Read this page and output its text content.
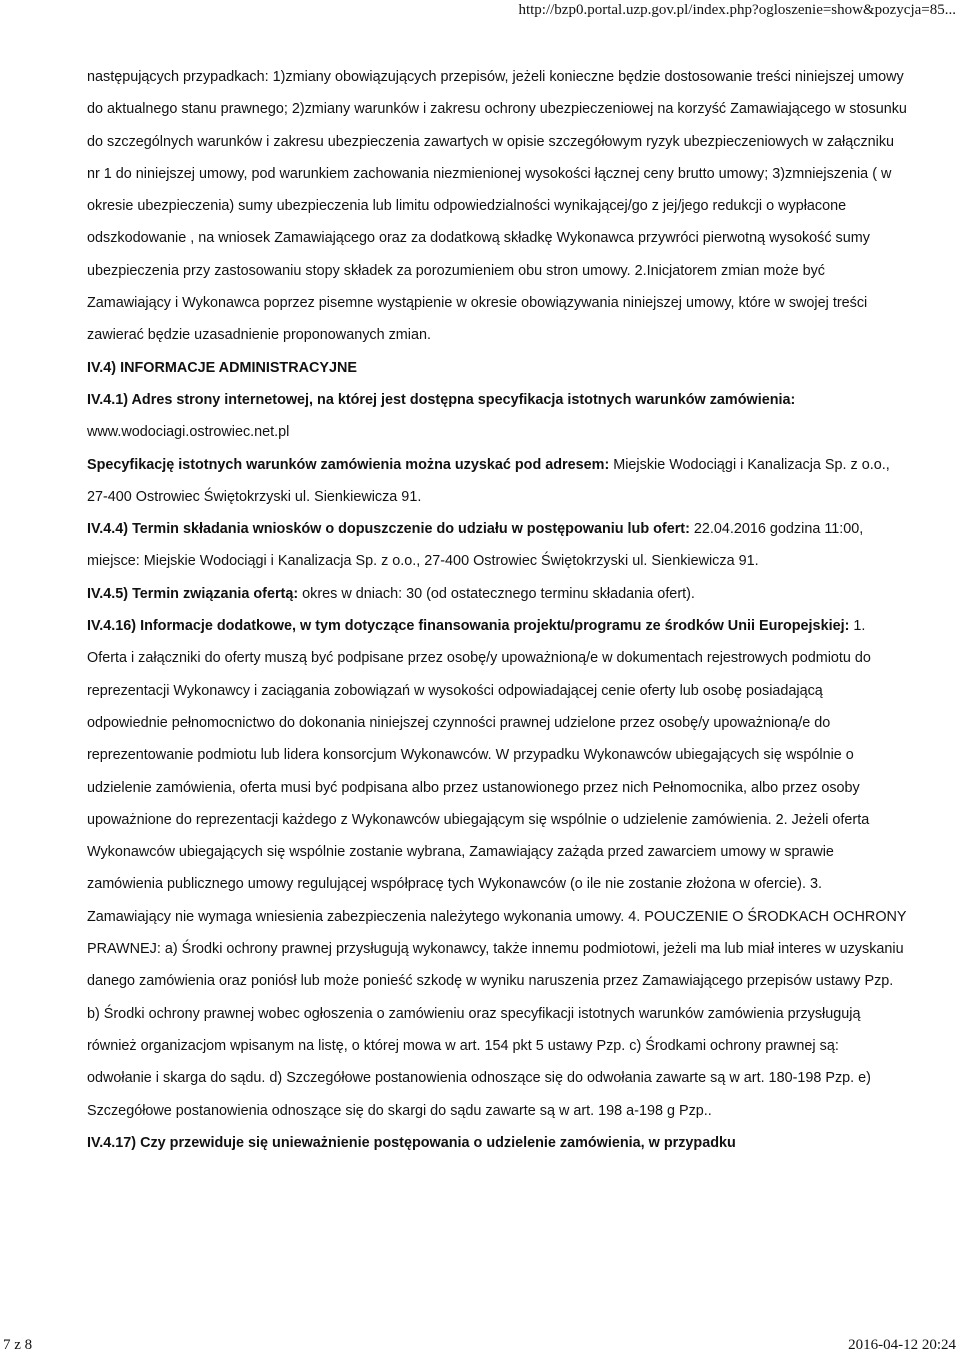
http://bzp0.portal.uzp.gov.pl/index.php?ogloszenie=show&pozycja=85...

następujących przypadkach: 1)zmiany obowiązujących przepisów, jeżeli konieczne będzie dostosowanie treści niniejszej umowy do aktualnego stanu prawnego; 2)zmiany warunków i zakresu ochrony ubezpieczeniowej na korzyść Zamawiającego w stosunku do szczególnych warunków i zakresu ubezpieczenia zawartych w opisie szczegółowym ryzyk ubezpieczeniowych w załączniku nr 1 do niniejszej umowy, pod warunkiem zachowania niezmienionej wysokości łącznej ceny brutto umowy; 3)zmniejszenia ( w okresie ubezpieczenia) sumy ubezpieczenia lub limitu odpowiedzialności wynikającej/go z jej/jego redukcji o wypłacone odszkodowanie , na wniosek Zamawiającego oraz za dodatkową składkę Wykonawca przywróci pierwotną wysokość sumy ubezpieczenia przy zastosowaniu stopy składek za porozumieniem obu stron umowy. 2.Inicjatorem zmian może być Zamawiający i Wykonawca poprzez pisemne wystąpienie w okresie obowiązywania niniejszej umowy, które w swojej treści zawierać będzie uzasadnienie proponowanych zmian.

IV.4) INFORMACJE ADMINISTRACYJNE

IV.4.1) Adres strony internetowej, na której jest dostępna specyfikacja istotnych warunków zamówienia:
www.wodociagi.ostrowiec.net.pl

Specyfikację istotnych warunków zamówienia można uzyskać pod adresem: Miejskie Wodociągi i Kanalizacja Sp. z o.o., 27-400 Ostrowiec Świętokrzyski ul. Sienkiewicza 91.

IV.4.4) Termin składania wniosków o dopuszczenie do udziału w postępowaniu lub ofert: 22.04.2016 godzina 11:00, miejsce: Miejskie Wodociągi i Kanalizacja Sp. z o.o., 27-400 Ostrowiec Świętokrzyski ul. Sienkiewicza 91.

IV.4.5) Termin związania ofertą: okres w dniach: 30 (od ostatecznego terminu składania ofert).

IV.4.16) Informacje dodatkowe, w tym dotyczące finansowania projektu/programu ze środków Unii Europejskiej: 1. Oferta i załączniki do oferty muszą być podpisane przez osobę/y upoważnioną/e w dokumentach rejestrowych podmiotu do reprezentacji Wykonawcy i zaciągania zobowiązań w wysokości odpowiadającej cenie oferty lub osobę posiadającą odpowiednie pełnomocnictwo do dokonania niniejszej czynności prawnej udzielone przez osobę/y upoważnioną/e do reprezentowanie podmiotu lub lidera konsorcjum Wykonawców. W przypadku Wykonawców ubiegających się wspólnie o udzielenie zamówienia, oferta musi być podpisana albo przez ustanowionego przez nich Pełnomocnika, albo przez osoby upoważnione do reprezentacji każdego z Wykonawców ubiegającym się wspólnie o udzielenie zamówienia. 2. Jeżeli oferta Wykonawców ubiegających się wspólnie zostanie wybrana, Zamawiający zażąda przed zawarciem umowy w sprawie zamówienia publicznego umowy regulującej współpracę tych Wykonawców (o ile nie zostanie złożona w ofercie). 3. Zamawiający nie wymaga wniesienia zabezpieczenia należytego wykonania umowy. 4. POUCZENIE O ŚRODKACH OCHRONY PRAWNEJ: a) Środki ochrony prawnej przysługują wykonawcy, także innemu podmiotowi, jeżeli ma lub miał interes w uzyskaniu danego zamówienia oraz poniósł lub może ponieść szkodę w wyniku naruszenia przez Zamawiającego przepisów ustawy Pzp. b) Środki ochrony prawnej wobec ogłoszenia o zamówieniu oraz specyfikacji istotnych warunków zamówienia przysługują również organizacjom wpisanym na listę, o której mowa w art. 154 pkt 5 ustawy Pzp. c) Środkami ochrony prawnej są: odwołanie i skarga do sądu. d) Szczegółowe postanowienia odnoszące się do odwołania zawarte są w art. 180-198 Pzp. e) Szczegółowe postanowienia odnoszące się do skargi do sądu zawarte są w art. 198 a-198 g Pzp..

IV.4.17) Czy przewiduje się unieważnienie postępowania o udzielenie zamówienia, w przypadku

7 z 8	2016-04-12 20:24
